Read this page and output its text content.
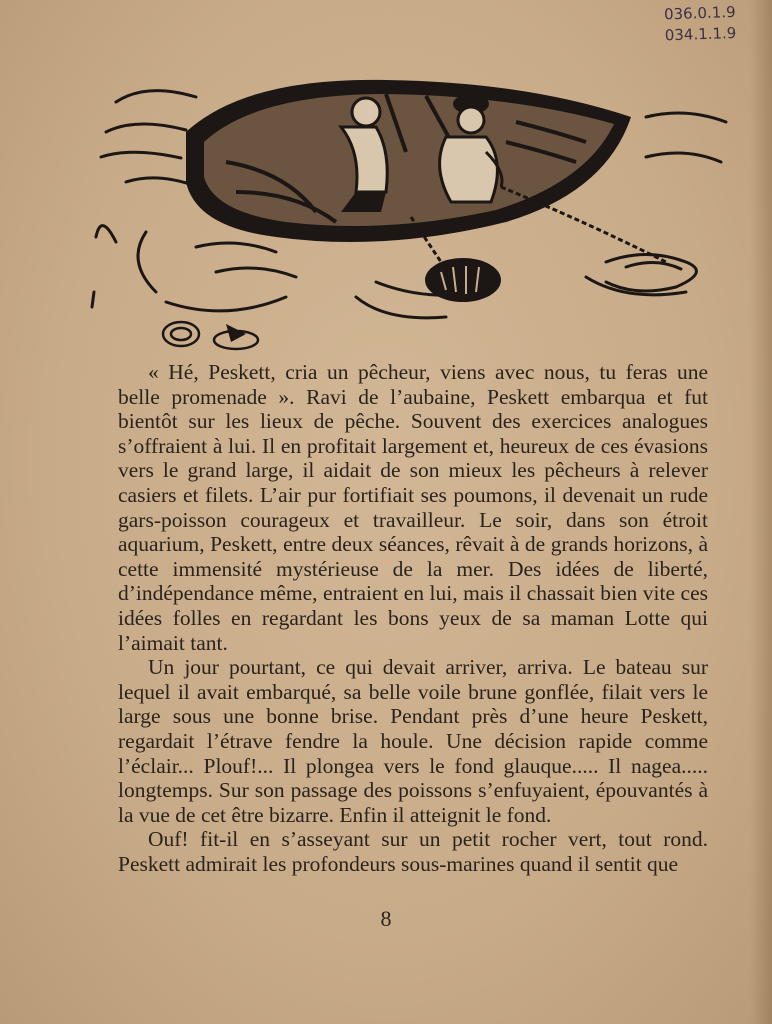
036.0.1.9
034.1.1.9

« Hé, Peskett, cria un pêcheur, viens avec nous, tu feras une belle promenade ». Ravi de l’aubaine, Peskett embarqua et fut bientôt sur les lieux de pêche. Souvent des exercices analogues s’offraient à lui. Il en profitait largement et, heureux de ces évasions vers le grand large, il aidait de son mieux les pêcheurs à relever casiers et filets. L’air pur fortifiait ses poumons, il devenait un rude gars-poisson courageux et travailleur. Le soir, dans son étroit aquarium, Peskett, entre deux séances, rêvait à de grands horizons, à cette immensité mystérieuse de la mer. Des idées de liberté, d’indépendance même, entraient en lui, mais il chassait bien vite ces idées folles en regardant les bons yeux de sa maman Lotte qui l’aimait tant.

Un jour pourtant, ce qui devait arriver, arriva. Le bateau sur lequel il avait embarqué, sa belle voile brune gonflée, filait vers le large sous une bonne brise. Pendant près d’une heure Peskett, regardait l’étrave fendre la houle. Une décision rapide comme l’éclair... Plouf!... Il plongea vers le fond glauque..... Il nagea..... longtemps. Sur son passage des poissons s’enfuyaient, épouvantés à la vue de cet être bizarre. Enfin il atteignit le fond.

Ouf! fit-il en s’asseyant sur un petit rocher vert, tout rond. Peskett admirait les profondeurs sous-marines quand il sentit que

8
